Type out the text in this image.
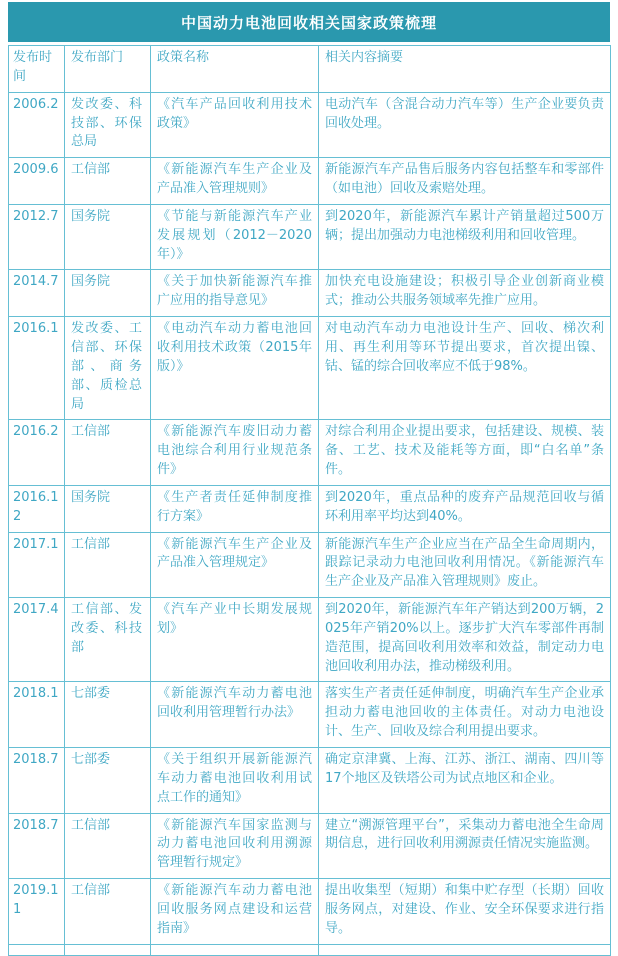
中国动力电池回收相关国家政策梳理
发布时间	发布部门	政策名称	相关内容摘要
2006.2	发改委、科技部、环保总局	《汽车产品回收利用技术政策》	电动汽车（含混合动力汽车等）生产企业要负责回收处理。
2009.6	工信部	《新能源汽车生产企业及产品准入管理规则》	新能源汽车产品售后服务内容包括整车和零部件（如电池）回收及索赔处理。
2012.7	国务院	《节能与新能源汽车产业发展规划（2012－2020年）》	到2020年，新能源汽车累计产销量超过500万辆；提出加强动力电池梯级利用和回收管理。
2014.7	国务院	《关于加快新能源汽车推广应用的指导意见》	加快充电设施建设；积极引导企业创新商业模式；推动公共服务领域率先推广应用。
2016.1	发改委、工信部、环保部、商务部、质检总局	《电动汽车动力蓄电池回收利用技术政策（2015年版）》	对电动汽车动力电池设计生产、回收、梯次利用、再生利用等环节提出要求，首次提出镍、钴、锰的综合回收率应不低于98%。
2016.2	工信部	《新能源汽车废旧动力蓄电池综合利用行业规范条件》	对综合利用企业提出要求，包括建设、规模、装备、工艺、技术及能耗等方面，即“白名单”条件。
2016.12	国务院	《生产者责任延伸制度推行方案》	到2020年，重点品种的废弃产品规范回收与循环利用率平均达到40%。
2017.1	工信部	《新能源汽车生产企业及产品准入管理规定》	新能源汽车生产企业应当在产品全生命周期内，跟踪记录动力电池回收利用情况。《新能源汽车生产企业及产品准入管理规则》废止。
2017.4	工信部、发改委、科技部	《汽车产业中长期发展规划》	到2020年，新能源汽车年产销达到200万辆，2025年产销20%以上。逐步扩大汽车零部件再制造范围，提高回收利用效率和效益，制定动力电池回收利用办法，推动梯级利用。
2018.1	七部委	《新能源汽车动力蓄电池回收利用管理暂行办法》	落实生产者责任延伸制度，明确汽车生产企业承担动力蓄电池回收的主体责任。对动力电池设计、生产、回收及综合利用提出要求。
2018.7	七部委	《关于组织开展新能源汽车动力蓄电池回收利用试点工作的通知》	确定京津冀、上海、江苏、浙江、湖南、四川等17个地区及铁塔公司为试点地区和企业。
2018.7	工信部	《新能源汽车国家监测与动力蓄电池回收利用溯源管理暂行规定》	建立“溯源管理平台”，采集动力蓄电池全生命周期信息，进行回收利用溯源责任情况实施监测。
2019.11	工信部	《新能源汽车动力蓄电池回收服务网点建设和运营指南》	提出收集型（短期）和集中贮存型（长期）回收服务网点，对建设、作业、安全环保要求进行指导。
